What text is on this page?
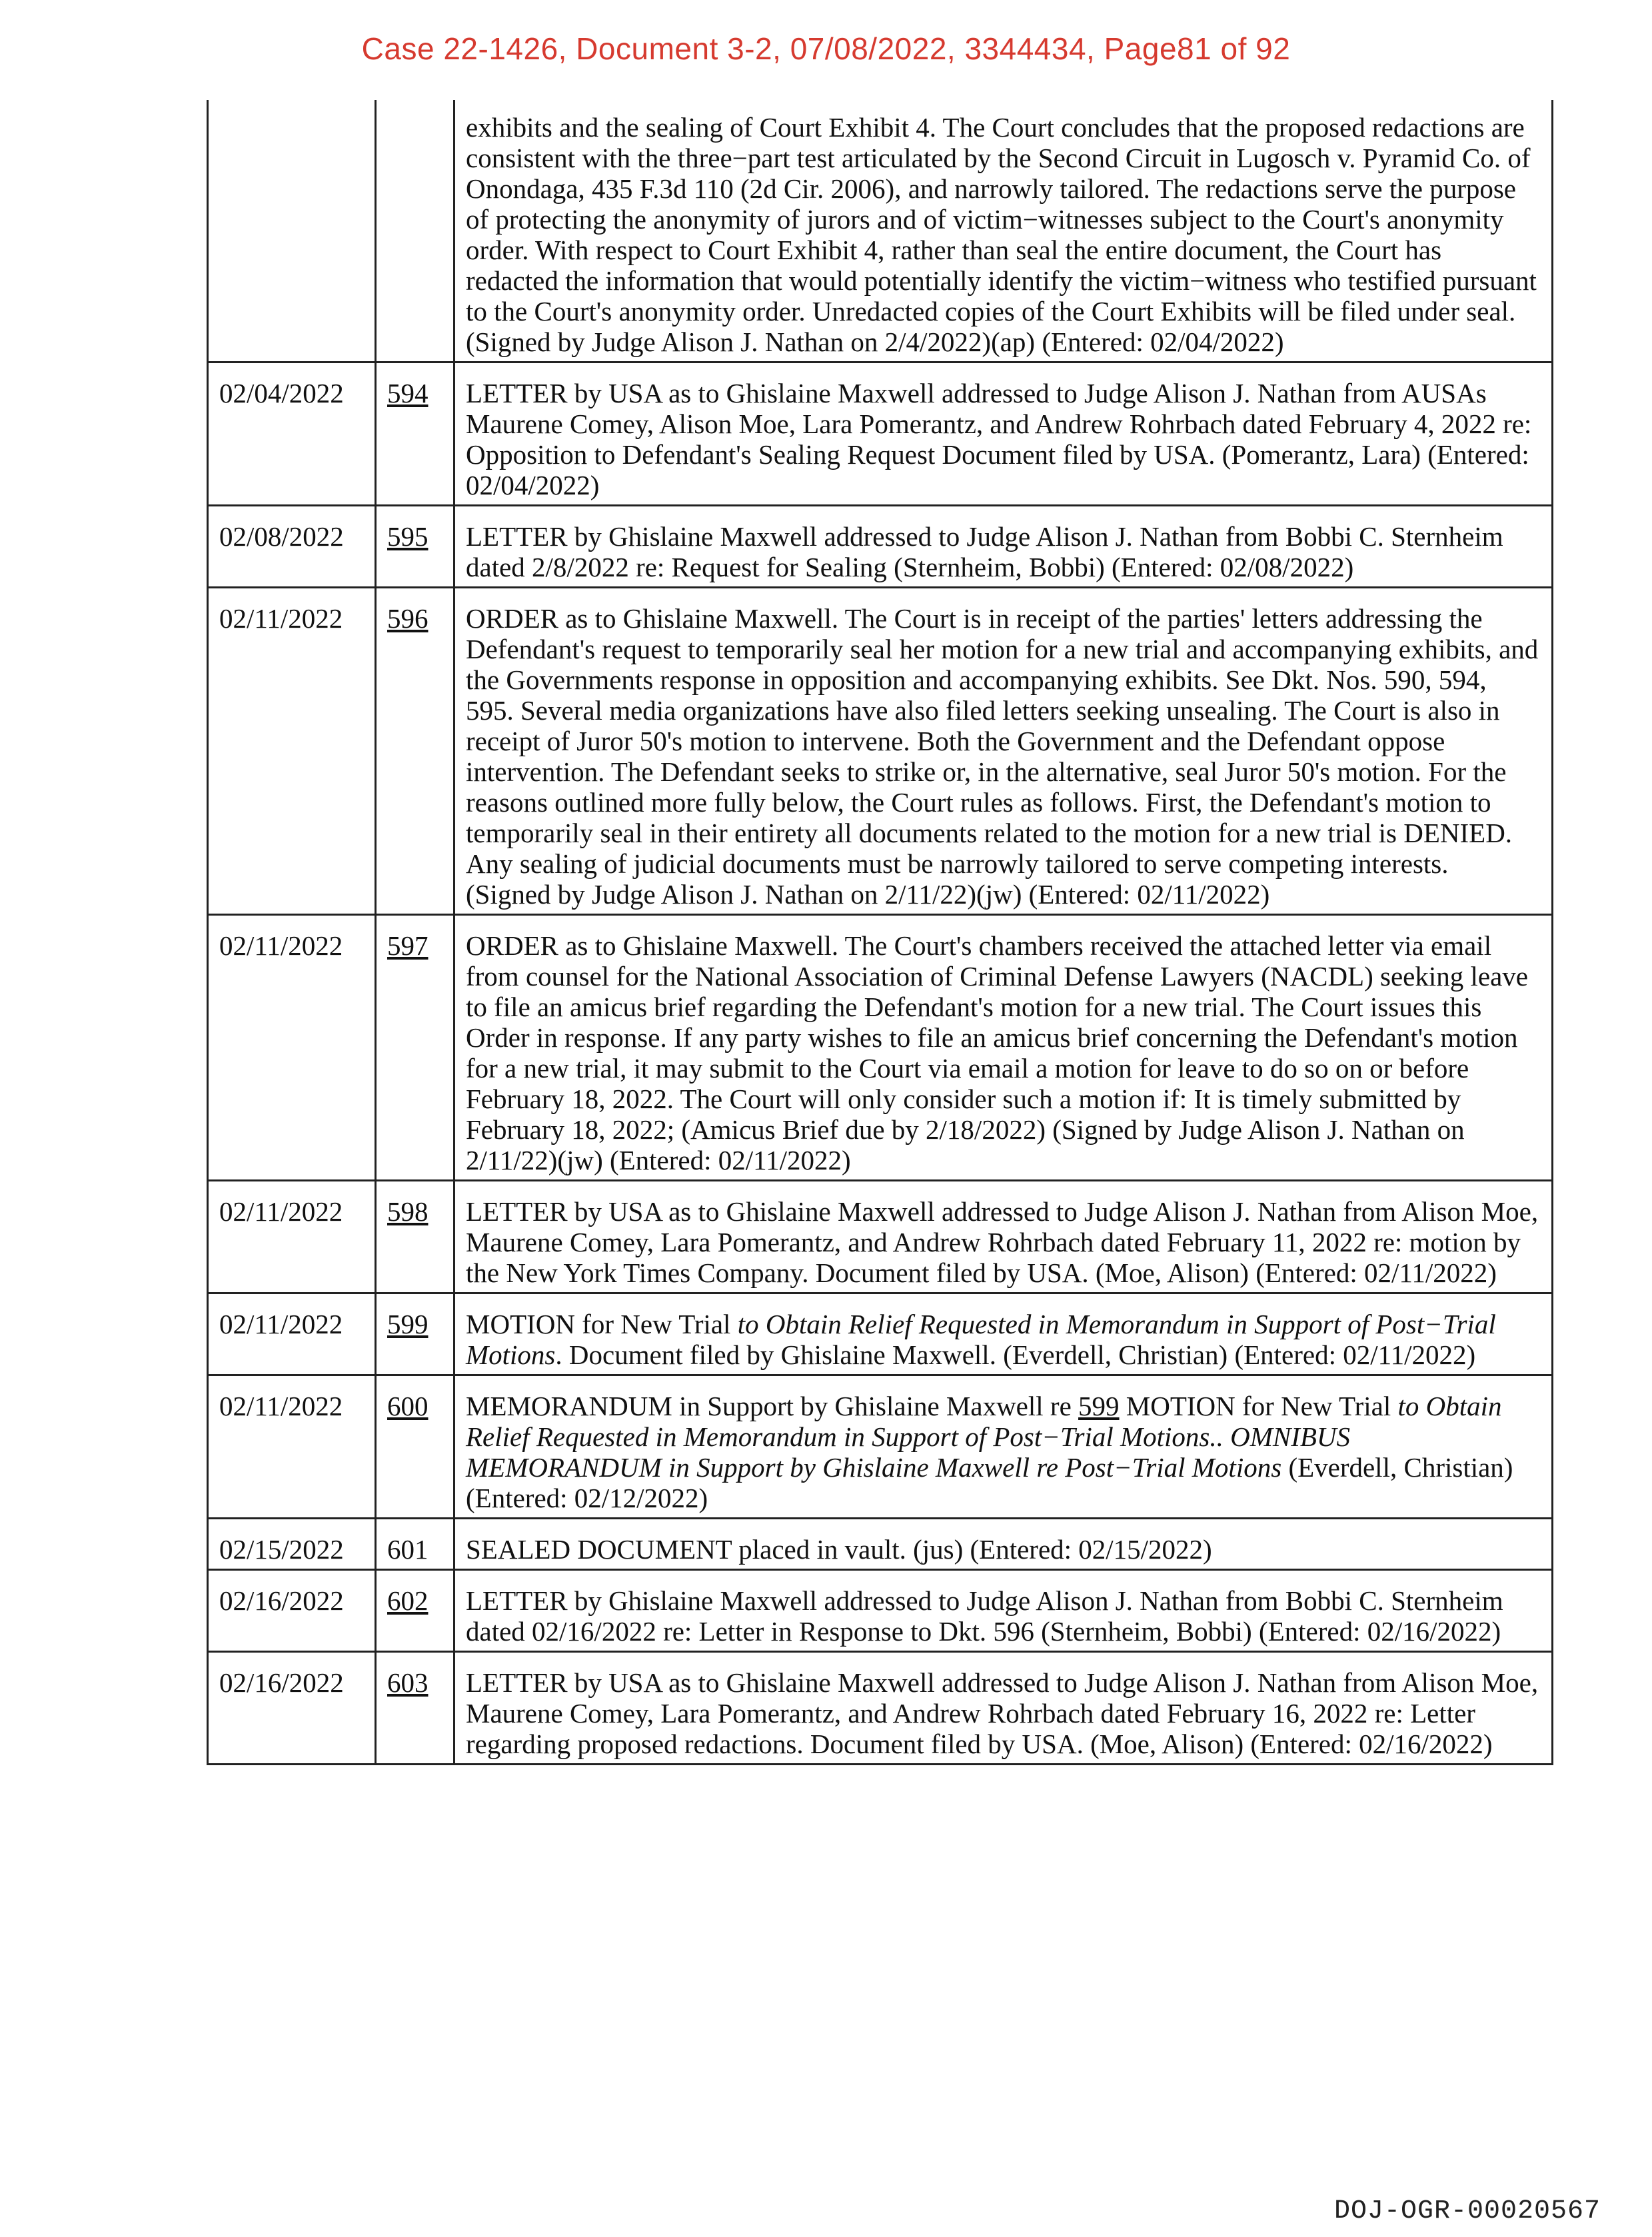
Case 22-1426, Document 3-2, 07/08/2022, 3344434, Page81 of 92
		exhibits and the sealing of Court Exhibit 4. The Court concludes that the proposed redactions are consistent with the three−part test articulated by the Second Circuit in Lugosch v. Pyramid Co. of Onondaga, 435 F.3d 110 (2d Cir. 2006), and narrowly tailored. The redactions serve the purpose of protecting the anonymity of jurors and of victim−witnesses subject to the Court's anonymity order. With respect to Court Exhibit 4, rather than seal the entire document, the Court has redacted the information that would potentially identify the victim−witness who testified pursuant to the Court's anonymity order. Unredacted copies of the Court Exhibits will be filed under seal. (Signed by Judge Alison J. Nathan on 2/4/2022)(ap) (Entered: 02/04/2022)
02/04/2022	594	LETTER by USA as to Ghislaine Maxwell addressed to Judge Alison J. Nathan from AUSAs Maurene Comey, Alison Moe, Lara Pomerantz, and Andrew Rohrbach dated February 4, 2022 re: Opposition to Defendant's Sealing Request Document filed by USA. (Pomerantz, Lara) (Entered: 02/04/2022)
02/08/2022	595	LETTER by Ghislaine Maxwell addressed to Judge Alison J. Nathan from Bobbi C. Sternheim dated 2/8/2022 re: Request for Sealing (Sternheim, Bobbi) (Entered: 02/08/2022)
02/11/2022	596	ORDER as to Ghislaine Maxwell. The Court is in receipt of the parties' letters addressing the Defendant's request to temporarily seal her motion for a new trial and accompanying exhibits, and the Governments response in opposition and accompanying exhibits. See Dkt. Nos. 590, 594, 595. Several media organizations have also filed letters seeking unsealing. The Court is also in receipt of Juror 50's motion to intervene. Both the Government and the Defendant oppose intervention. The Defendant seeks to strike or, in the alternative, seal Juror 50's motion. For the reasons outlined more fully below, the Court rules as follows. First, the Defendant's motion to temporarily seal in their entirety all documents related to the motion for a new trial is DENIED. Any sealing of judicial documents must be narrowly tailored to serve competing interests. (Signed by Judge Alison J. Nathan on 2/11/22)(jw) (Entered: 02/11/2022)
02/11/2022	597	ORDER as to Ghislaine Maxwell. The Court's chambers received the attached letter via email from counsel for the National Association of Criminal Defense Lawyers (NACDL) seeking leave to file an amicus brief regarding the Defendant's motion for a new trial. The Court issues this Order in response. If any party wishes to file an amicus brief concerning the Defendant's motion for a new trial, it may submit to the Court via email a motion for leave to do so on or before February 18, 2022. The Court will only consider such a motion if: It is timely submitted by February 18, 2022; (Amicus Brief due by 2/18/2022) (Signed by Judge Alison J. Nathan on 2/11/22)(jw) (Entered: 02/11/2022)
02/11/2022	598	LETTER by USA as to Ghislaine Maxwell addressed to Judge Alison J. Nathan from Alison Moe, Maurene Comey, Lara Pomerantz, and Andrew Rohrbach dated February 11, 2022 re: motion by the New York Times Company. Document filed by USA. (Moe, Alison) (Entered: 02/11/2022)
02/11/2022	599	MOTION for New Trial to Obtain Relief Requested in Memorandum in Support of Post−Trial Motions. Document filed by Ghislaine Maxwell. (Everdell, Christian) (Entered: 02/11/2022)
02/11/2022	600	MEMORANDUM in Support by Ghislaine Maxwell re 599 MOTION for New Trial to Obtain Relief Requested in Memorandum in Support of Post−Trial Motions.. OMNIBUS MEMORANDUM in Support by Ghislaine Maxwell re Post−Trial Motions (Everdell, Christian) (Entered: 02/12/2022)
02/15/2022	601	SEALED DOCUMENT placed in vault. (jus) (Entered: 02/15/2022)
02/16/2022	602	LETTER by Ghislaine Maxwell addressed to Judge Alison J. Nathan from Bobbi C. Sternheim dated 02/16/2022 re: Letter in Response to Dkt. 596 (Sternheim, Bobbi) (Entered: 02/16/2022)
02/16/2022	603	LETTER by USA as to Ghislaine Maxwell addressed to Judge Alison J. Nathan from Alison Moe, Maurene Comey, Lara Pomerantz, and Andrew Rohrbach dated February 16, 2022 re: Letter regarding proposed redactions. Document filed by USA. (Moe, Alison) (Entered: 02/16/2022)
DOJ-OGR-00020567
